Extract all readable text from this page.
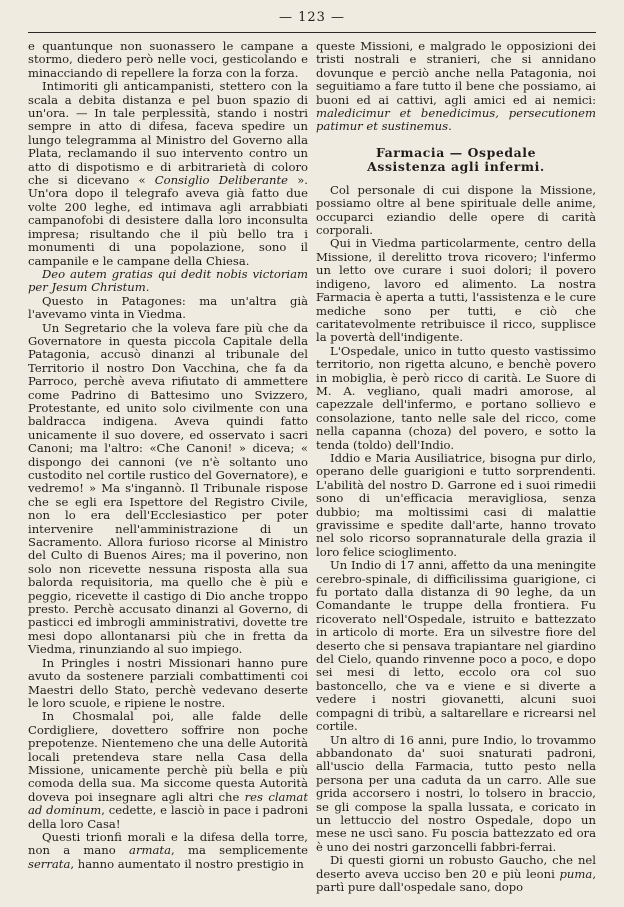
— 123 —

e quantunque non suonassero le campane a stormo, diedero però nelle voci, gesticolando e minacciando di repellere la forza con la forza.

Intimoriti gli anticampanisti, stettero con la scala a debita distanza e pel buon spazio di un'ora. — In tale perplessità, stando i nostri sempre in atto di difesa, faceva spedire un lungo telegramma al Ministro del Governo alla Plata, reclamando il suo intervento contro un atto di dispotismo e di arbitrarietà di coloro che si dicevano « Consiglio Deliberante ». Un'ora dopo il telegrafo aveva già fatto due volte 200 leghe, ed intimava agli arrabbiati campanofobi di desistere dalla loro inconsulta impresa; risultando che il più bello tra i monumenti di una popolazione, sono il campanile e le campane della Chiesa.

Deo autem gratias qui dedit nobis victoriam per Jesum Christum.

Questo in Patagones: ma un'altra già l'avevamo vinta in Viedma.

Un Segretario che la voleva fare più che da Governatore in questa piccola Capitale della Patagonia, accusò dinanzi al tribunale del Territorio il nostro Don Vacchina, che fa da Parroco, perchè aveva rifiutato di ammettere come Padrino di Battesimo uno Svizzero, Protestante, ed unito solo civilmente con una baldracca indigena. Aveva quindi fatto unicamente il suo dovere, ed osservato i sacri Canoni; ma l'altro: «Che Canoni! » diceva; « dispongo dei cannoni (ve n'è soltanto uno custodito nel cortile rustico del Governatore), e vedremo! » Ma s'ingannò. Il Tribunale rispose che se egli era Ispettore del Registro Civile, non lo era dell'Ecclesiastico per poter intervenire nell'amministrazione di un Sacramento. Allora furioso ricorse al Ministro del Culto di Buenos Aires; ma il poverino, non solo non ricevette nessuna risposta alla sua balorda requisitoria, ma quello che è più e peggio, ricevette il castigo di Dio anche troppo presto. Perchè accusato dinanzi al Governo, di pasticci ed imbrogli amministrativi, dovette tre mesi dopo allontanarsi più che in fretta da Viedma, rinunziando al suo impiego.

In Pringles i nostri Missionari hanno pure avuto da sostenere parziali combattimenti coi Maestri dello Stato, perchè vedevano deserte le loro scuole, e ripiene le nostre.

In Chosmalal poi, alle falde delle Cordigliere, dovettero soffrire non poche prepotenze. Nientemeno che una delle Autorità locali pretendeva stare nella Casa della Missione, unicamente perchè più bella e più comoda della sua. Ma siccome questa Autorità doveva poi insegnare agli altri che res clamat ad dominum, cedette, e lasciò in pace i padroni della loro Casa!

Questi trionfi morali e la difesa della torre, non a mano armata, ma semplicemente serrata, hanno aumentato il nostro prestigio in

queste Missioni, e malgrado le opposizioni dei tristi nostrali e stranieri, che si annidano dovunque e perciò anche nella Patagonia, noi seguitiamo a fare tutto il bene che possiamo, ai buoni ed ai cattivi, agli amici ed ai nemici: maledicimur et benedicimus, persecutionem patimur et sustinemus.

Farmacia — Ospedale
Assistenza agli infermi.

Col personale di cui dispone la Missione, possiamo oltre al bene spirituale delle anime, occuparci eziandio delle opere di carità corporali.

Qui in Viedma particolarmente, centro della Missione, il derelitto trova ricovero; l'infermo un letto ove curare i suoi dolori; il povero indigeno, lavoro ed alimento. La nostra Farmacia è aperta a tutti, l'assistenza e le cure mediche sono per tutti, e ciò che caritatevolmente retribuisce il ricco, supplisce la povertà dell'indigente.

L'Ospedale, unico in tutto questo vastissimo territorio, non rigetta alcuno, e benchè povero in mobiglia, è però ricco di carità. Le Suore di M. A. vegliano, quali madri amorose, al capezzale dell'infermo, e portano sollievo e consolazione, tanto nelle sale del ricco, come nella capanna (choza) del povero, e sotto la tenda (toldo) dell'Indio.

Iddio e Maria Ausiliatrice, bisogna pur dirlo, operano delle guarigioni e tutto sorprendenti. L'abilità del nostro D. Garrone ed i suoi rimedii sono di un'efficacia meravigliosa, senza dubbio; ma moltissimi casi di malattie gravissime e spedite dall'arte, hanno trovato nel solo ricorso soprannaturale della grazia il loro felice scioglimento.

Un Indio di 17 anni, affetto da una meningite cerebro-spinale, di difficilissima guarigione, ci fu portato dalla distanza di 90 leghe, da un Comandante le truppe della frontiera. Fu ricoverato nell'Ospedale, istruito e battezzato in articolo di morte. Era un silvestre fiore del deserto che si pensava trapiantare nel giardino del Cielo, quando rinvenne poco a poco, e dopo sei mesi di letto, eccolo ora col suo bastoncello, che va e viene e si diverte a vedere i nostri giovanetti, alcuni suoi compagni di tribù, a saltarellare e ricrearsi nel cortile.

Un altro di 16 anni, pure Indio, lo trovammo abbandonato da' suoi snaturati padroni, all'uscio della Farmacia, tutto pesto nella persona per una caduta da un carro. Alle sue grida accorsero i nostri, lo tolsero in braccio, se gli compose la spalla lussata, e coricato in un lettuccio del nostro Ospedale, dopo un mese ne uscì sano. Fu poscia battezzato ed ora è uno dei nostri garzoncelli fabbri-ferrai.

Di questi giorni un robusto Gaucho, che nel deserto aveva ucciso ben 20 e più leoni puma, partì pure dall'ospedale sano, dopo
